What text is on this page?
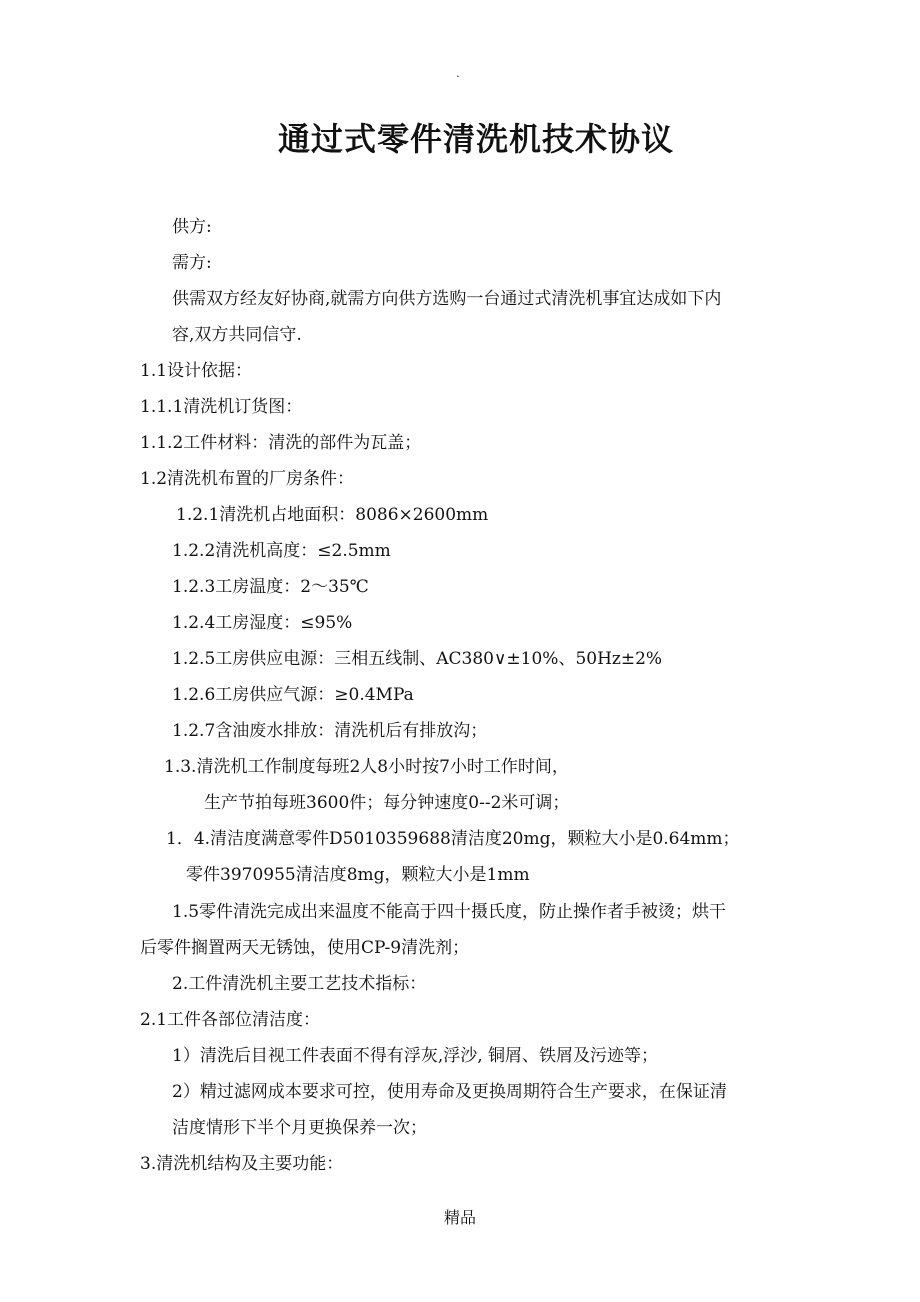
.
通过式零件清洗机技术协议
供方:
需方:
供需双方经友好协商,就需方向供方选购一台通过式清洗机事宜达成如下内
容,双方共同信守.
1.1设计依据：
1.1.1清洗机订货图：
1.1.2工件材料：清洗的部件为瓦盖；
1.2清洗机布置的厂房条件：
1.2.1清洗机占地面积：8086×2600mm
1.2.2清洗机高度：≤2.5mm
1.2.3工房温度：2～35℃
1.2.4工房湿度：≤95%
1.2.5工房供应电源：三相五线制、AC380∨±10%、50Hz±2%
1.2.6工房供应气源：≥0.4MPa
1.2.7含油废水排放：清洗机后有排放沟；
1.3.清洗机工作制度每班2人8小时按7小时工作时间，
生产节拍每班3600件；每分钟速度0--2米可调；
1．4.清洁度满意零件D5010359688清洁度20mg，颗粒大小是0.64mm；
零件3970955清洁度8mg，颗粒大小是1mm
1.5零件清洗完成出来温度不能高于四十摄氏度，防止操作者手被烫；烘干
后零件搁置两天无锈蚀，使用CP-9清洗剂；
2.工件清洗机主要工艺技术指标：
2.1工件各部位清洁度：
1）清洗后目视工件表面不得有浮灰,浮沙, 铜屑、铁屑及污迹等；
2）精过滤网成本要求可控，使用寿命及更换周期符合生产要求，在保证清
洁度情形下半个月更换保养一次；
3.清洗机结构及主要功能：
精品
